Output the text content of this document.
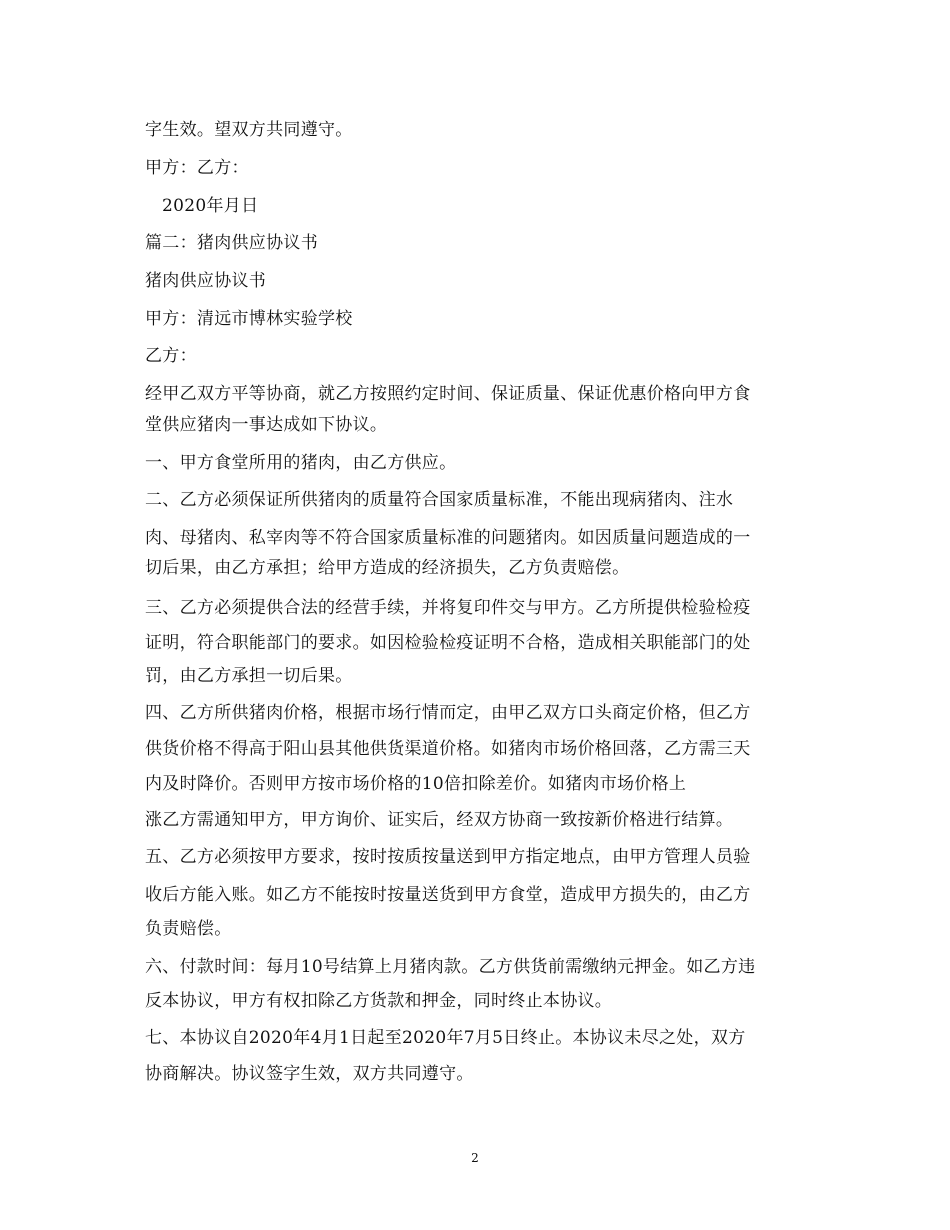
字生效。望双方共同遵守。
甲方：乙方：
2020年月日
篇二：猪肉供应协议书
猪肉供应协议书
甲方：清远市博林实验学校
乙方：
经甲乙双方平等协商，就乙方按照约定时间、保证质量、保证优惠价格向甲方食
堂供应猪肉一事达成如下协议。
一、甲方食堂所用的猪肉，由乙方供应。
二、乙方必须保证所供猪肉的质量符合国家质量标准，不能出现病猪肉、注水
肉、母猪肉、私宰肉等不符合国家质量标准的问题猪肉。如因质量问题造成的一
切后果，由乙方承担；给甲方造成的经济损失，乙方负责赔偿。
三、乙方必须提供合法的经营手续，并将复印件交与甲方。乙方所提供检验检疫
证明，符合职能部门的要求。如因检验检疫证明不合格，造成相关职能部门的处
罚，由乙方承担一切后果。
四、乙方所供猪肉价格，根据市场行情而定，由甲乙双方口头商定价格，但乙方
供货价格不得高于阳山县其他供货渠道价格。如猪肉市场价格回落，乙方需三天
内及时降价。否则甲方按市场价格的10倍扣除差价。如猪肉市场价格上
涨乙方需通知甲方，甲方询价、证实后，经双方协商一致按新价格进行结算。
五、乙方必须按甲方要求，按时按质按量送到甲方指定地点，由甲方管理人员验
收后方能入账。如乙方不能按时按量送货到甲方食堂，造成甲方损失的，由乙方
负责赔偿。
六、付款时间：每月10号结算上月猪肉款。乙方供货前需缴纳元押金。如乙方违
反本协议，甲方有权扣除乙方货款和押金，同时终止本协议。
七、本协议自2020年4月1日起至2020年7月5日终止。本协议未尽之处，双方
协商解决。协议签字生效，双方共同遵守。
2
